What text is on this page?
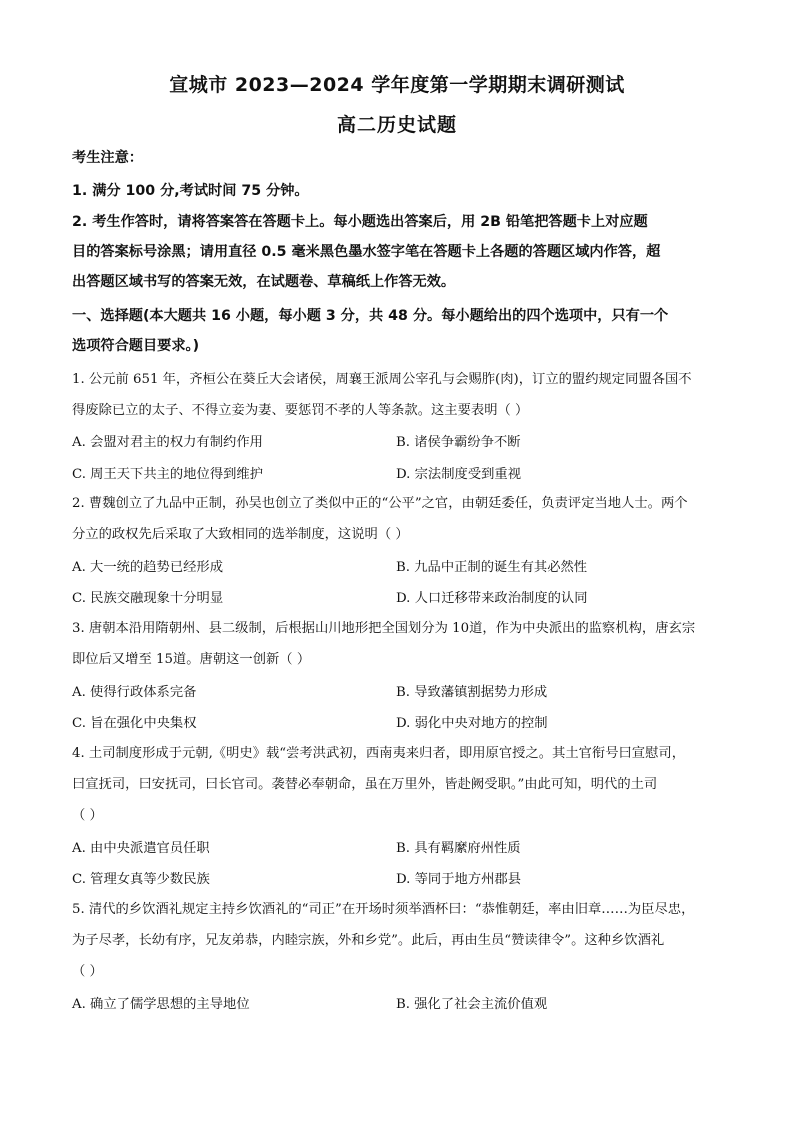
宣城市 2023—2024 学年度第一学期期末调研测试
高二历史试题
考生注意：
1. 满分 100 分,考试时间 75 分钟。
2. 考生作答时，请将答案答在答题卡上。每小题选出答案后，用 2B 铅笔把答题卡上对应题
目的答案标号涂黑；请用直径 0.5 毫米黑色墨水签字笔在答题卡上各题的答题区域内作答，超
出答题区域书写的答案无效，在试题卷、草稿纸上作答无效。
一、选择题(本大题共 16 小题，每小题 3 分，共 48 分。每小题给出的四个选项中，只有一个
选项符合题目要求。)
1. 公元前 651 年，齐桓公在葵丘大会诸侯，周襄王派周公宰孔与会赐胙(肉)，订立的盟约规定同盟各国不
得废除已立的太子、不得立妾为妻、要惩罚不孝的人等条款。这主要表明（ ）
A. 会盟对君主的权力有制约作用	B. 诸侯争霸纷争不断
C. 周王天下共主的地位得到维护	D. 宗法制度受到重视
2. 曹魏创立了九品中正制，孙吴也创立了类似中正的“公平”之官，由朝廷委任，负责评定当地人士。两个
分立的政权先后采取了大致相同的选举制度，这说明（ ）
A. 大一统的趋势已经形成	B. 九品中正制的诞生有其必然性
C. 民族交融现象十分明显	D. 人口迁移带来政治制度的认同
3. 唐朝本沿用隋朝州、县二级制，后根据山川地形把全国划分为 10道，作为中央派出的监察机构，唐玄宗
即位后又增至 15道。唐朝这一创新（ ）
A. 使得行政体系完备	B. 导致藩镇割据势力形成
C. 旨在强化中央集权	D. 弱化中央对地方的控制
4. 土司制度形成于元朝,《明史》载“尝考洪武初，西南夷来归者，即用原官授之。其土官衔号曰宣慰司，
曰宣抚司，曰安抚司，曰长官司。袭替必奉朝命，虽在万里外，皆赴阙受职。”由此可知，明代的土司
（ ）
A. 由中央派遣官员任职	B. 具有羁縻府州性质
C. 管理女真等少数民族	D. 等同于地方州郡县
5. 清代的乡饮酒礼规定主持乡饮酒礼的“司正”在开场时须举酒杯曰：“恭惟朝廷，率由旧章……为臣尽忠，
为子尽孝，长幼有序，兄友弟恭，内睦宗族，外和乡党”。此后，再由生员“赞读律令”。这种乡饮酒礼
（ ）
A. 确立了儒学思想的主导地位	B. 强化了社会主流价值观
